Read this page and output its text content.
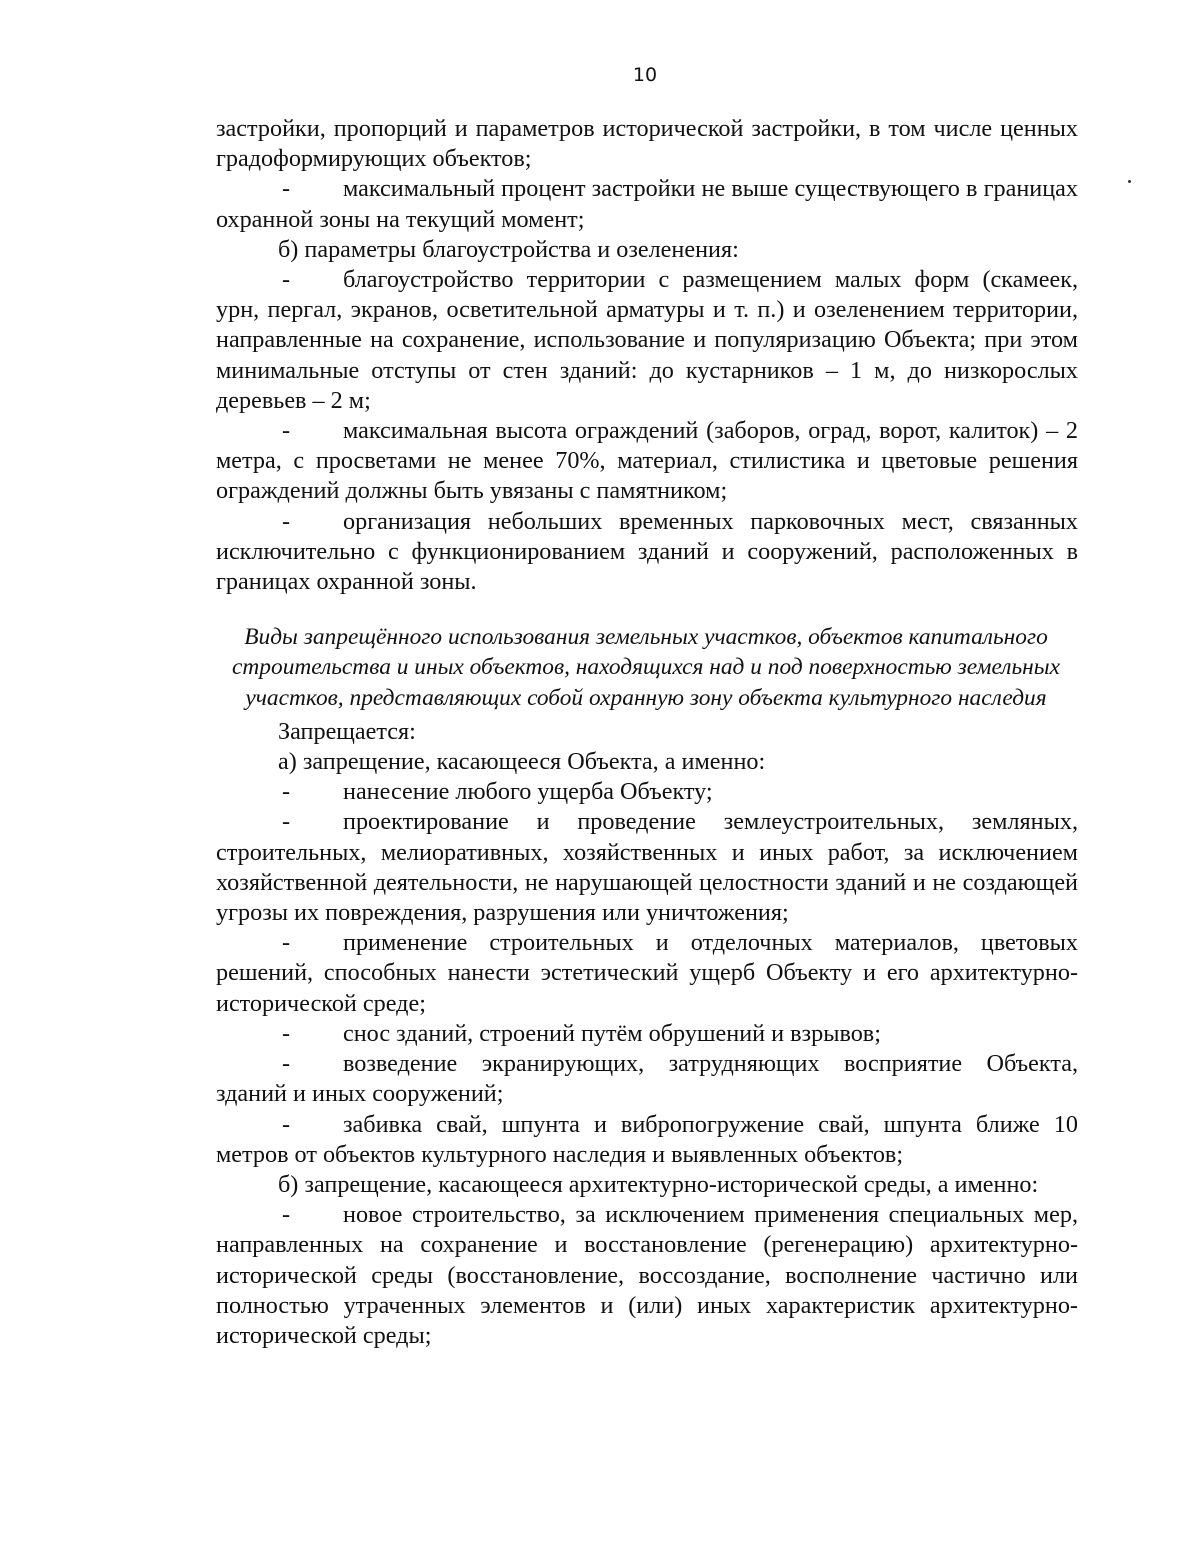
10

застройки, пропорций и параметров исторической застройки, в том числе ценных градоформирующих объектов;

- максимальный процент застройки не выше существующего в границах охранной зоны на текущий момент;

б) параметры благоустройства и озеленения:

- благоустройство территории с размещением малых форм (скамеек, урн, пергал, экранов, осветительной арматуры и т. п.) и озеленением территории, направленные на сохранение, использование и популяризацию Объекта; при этом минимальные отступы от стен зданий: до кустарников – 1 м, до низкорослых деревьев – 2 м;

- максимальная высота ограждений (заборов, оград, ворот, калиток) – 2 метра, с просветами не менее 70%, материал, стилистика и цветовые решения ограждений должны быть увязаны с памятником;

- организация небольших временных парковочных мест, связанных исключительно с функционированием зданий и сооружений, расположенных в границах охранной зоны.

Виды запрещённого использования земельных участков, объектов капитального строительства и иных объектов, находящихся над и под поверхностью земельных участков, представляющих собой охранную зону объекта культурного наследия

Запрещается:

а) запрещение, касающееся Объекта, а именно:

- нанесение любого ущерба Объекту;

- проектирование и проведение землеустроительных, земляных, строительных, мелиоративных, хозяйственных и иных работ, за исключением хозяйственной деятельности, не нарушающей целостности зданий и не создающей угрозы их повреждения, разрушения или уничтожения;

- применение строительных и отделочных материалов, цветовых решений, способных нанести эстетический ущерб Объекту и его архитектурно-исторической среде;

- снос зданий, строений путём обрушений и взрывов;

- возведение экранирующих, затрудняющих восприятие Объекта, зданий и иных сооружений;

- забивка свай, шпунта и вибропогружение свай, шпунта ближе 10 метров от объектов культурного наследия и выявленных объектов;

б) запрещение, касающееся архитектурно-исторической среды, а именно:

- новое строительство, за исключением применения специальных мер, направленных на сохранение и восстановление (регенерацию) архитектурно-исторической среды (восстановление, воссоздание, восполнение частично или полностью утраченных элементов и (или) иных характеристик архитектурно-исторической среды;
